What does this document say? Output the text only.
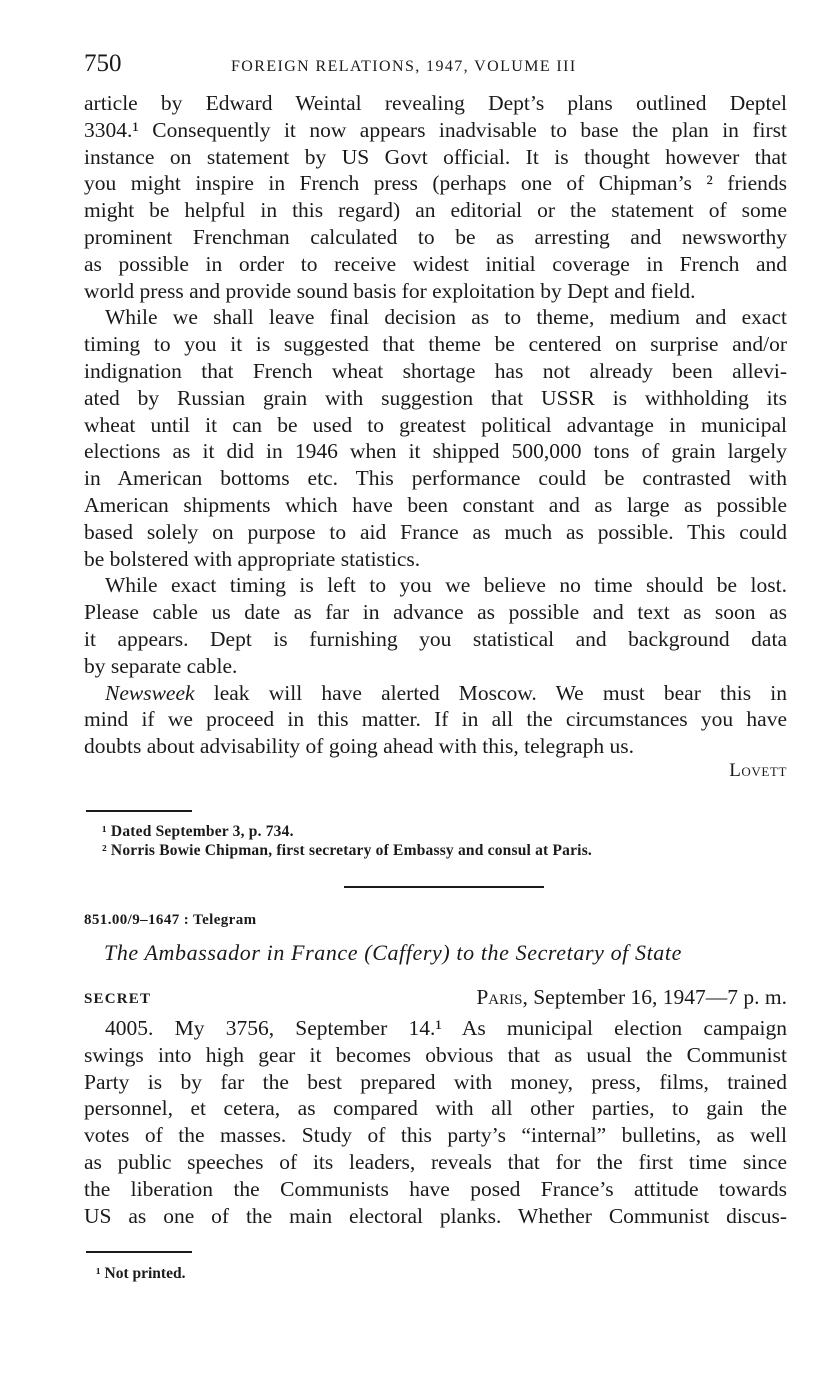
750	FOREIGN RELATIONS, 1947, VOLUME III
article by Edward Weintal revealing Dept’s plans outlined Deptel
3304.¹ Consequently it now appears inadvisable to base the plan in first
instance on statement by US Govt official. It is thought however that
you might inspire in French press (perhaps one of Chipman’s ² friends
might be helpful in this regard) an editorial or the statement of some
prominent Frenchman calculated to be as arresting and newsworthy
as possible in order to receive widest initial coverage in French and
world press and provide sound basis for exploitation by Dept and field.
While we shall leave final decision as to theme, medium and exact
timing to you it is suggested that theme be centered on surprise and/or
indignation that French wheat shortage has not already been allevi-
ated by Russian grain with suggestion that USSR is withholding its
wheat until it can be used to greatest political advantage in municipal
elections as it did in 1946 when it shipped 500,000 tons of grain largely
in American bottoms etc. This performance could be contrasted with
American shipments which have been constant and as large as possible
based solely on purpose to aid France as much as possible. This could
be bolstered with appropriate statistics.
While exact timing is left to you we believe no time should be lost.
Please cable us date as far in advance as possible and text as soon as
it appears. Dept is furnishing you statistical and background data
by separate cable.
Newsweek leak will have alerted Moscow. We must bear this in
mind if we proceed in this matter. If in all the circumstances you have
doubts about advisability of going ahead with this, telegraph us.
Lovett
¹ Dated September 3, p. 734.
² Norris Bowie Chipman, first secretary of Embassy and consul at Paris.
851.00/9–1647 : Telegram
The Ambassador in France (Caffery) to the Secretary of State
SECRET	Paris, September 16, 1947—7 p. m.
4005. My 3756, September 14.¹ As municipal election campaign
swings into high gear it becomes obvious that as usual the Communist
Party is by far the best prepared with money, press, films, trained
personnel, et cetera, as compared with all other parties, to gain the
votes of the masses. Study of this party’s “internal” bulletins, as well
as public speeches of its leaders, reveals that for the first time since
the liberation the Communists have posed France’s attitude towards
US as one of the main electoral planks. Whether Communist discus-
¹ Not printed.
